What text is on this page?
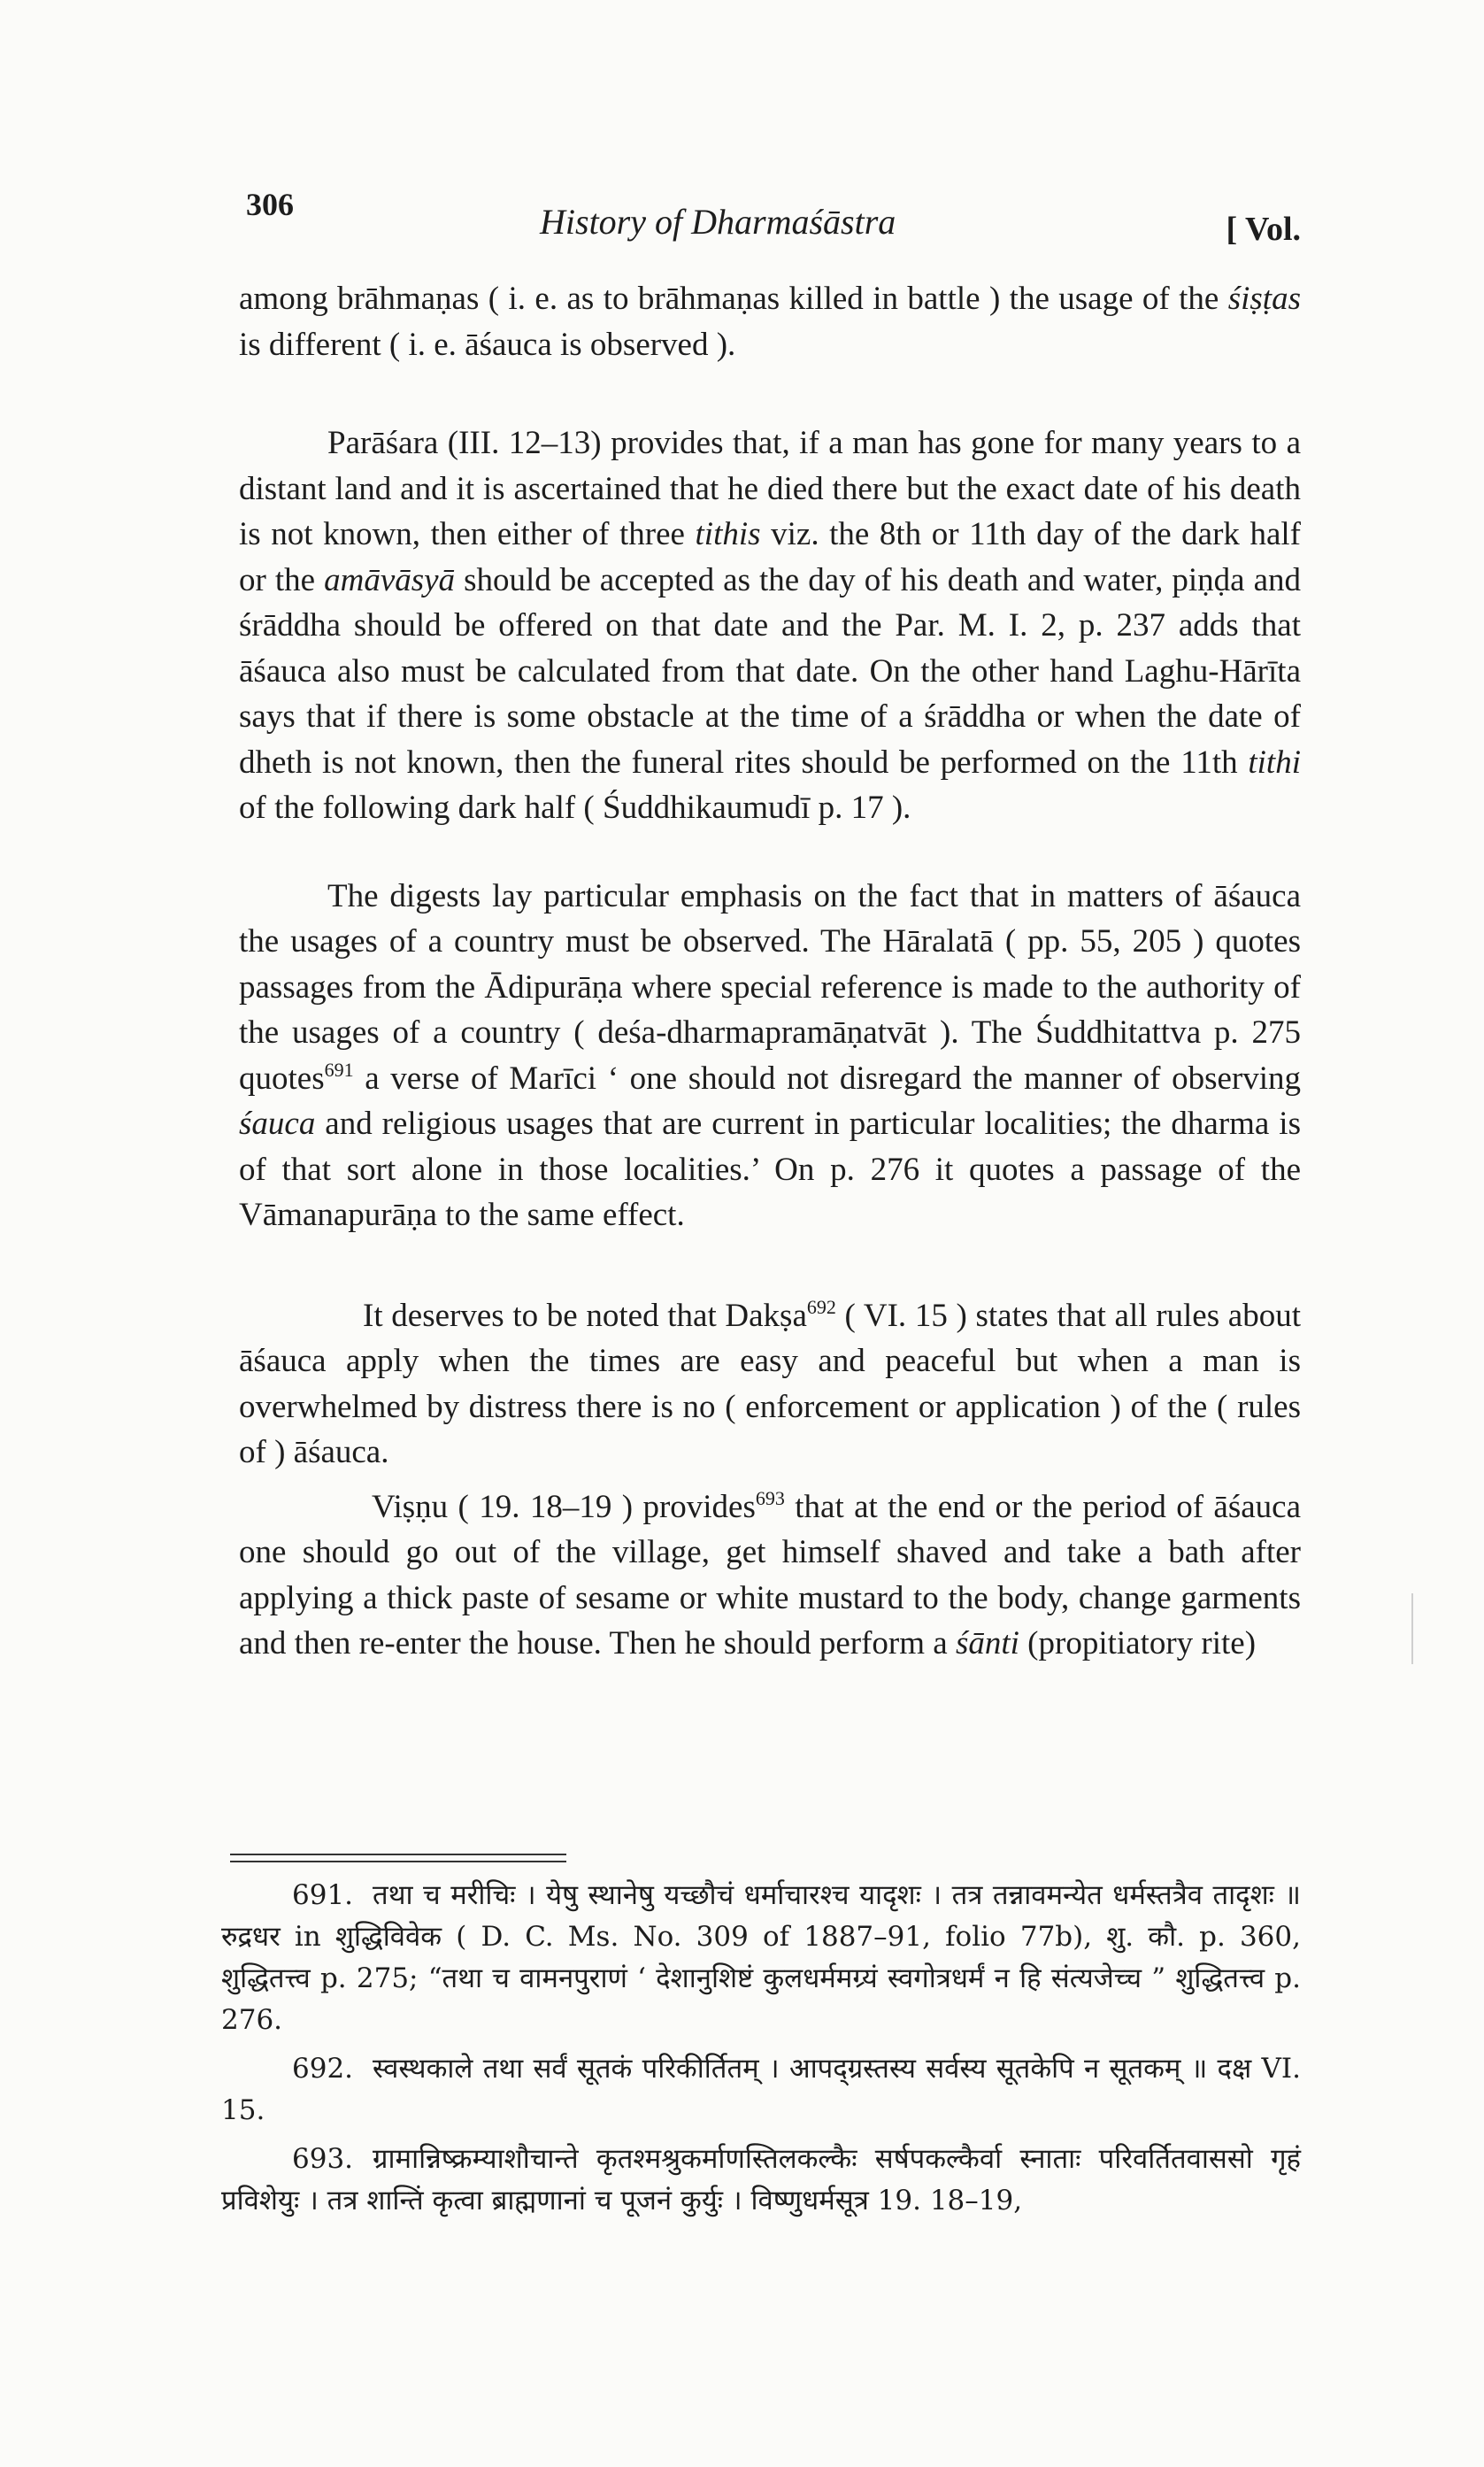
306	History of Dharmaśāstra	[ Vol.

among brāhmaṇas ( i. e. as to brāhmaṇas killed in battle ) the usage of the śiṣṭas is different ( i. e. āśauca is observed ).

Parāśara (III. 12–13) provides that, if a man has gone for many years to a distant land and it is ascertained that he died there but the exact date of his death is not known, then either of three tithis viz. the 8th or 11th day of the dark half or the amāvāsyā should be accepted as the day of his death and water, piṇḍa and śrāddha should be offered on that date and the Par. M. I. 2, p. 237 adds that āśauca also must be calculated from that date. On the other hand Laghu-Hārīta says that if there is some obstacle at the time of a śrāddha or when the date of dheth is not known, then the funeral rites should be performed on the 11th tithi of the following dark half ( Śuddhikaumudī p. 17 ).

The digests lay particular emphasis on the fact that in matters of āśauca the usages of a country must be observed. The Hāralatā ( pp. 55, 205 ) quotes passages from the Ādipurāṇa where special reference is made to the authority of the usages of a country ( deśa-dharmapramāṇatvāt ). The Śuddhitattva p. 275 quotes$^{691}$ a verse of Marīci ‘ one should not disregard the manner of observing śauca and religious usages that are current in particular localities; the dharma is of that sort alone in those localities.’ On p. 276 it quotes a passage of the Vāmanapurāṇa to the same effect.

It deserves to be noted that Dakṣa$^{692}$ ( VI. 15 ) states that all rules about āśauca apply when the times are easy and peaceful but when a man is overwhelmed by distress there is no ( enforcement or application ) of the ( rules of ) āśauca.

Viṣṇu ( 19. 18–19 ) provides$^{693}$ that at the end or the period of āśauca one should go out of the village, get himself shaved and take a bath after applying a thick paste of sesame or white mustard to the body, change garments and then re-enter the house. Then he should perform a śānti (propitiatory rite)

691. तथा च मरीचिः । येषु स्थानेषु यच्छौचं धर्माचारश्च यादृशः । तत्र तन्नावमन्येत धर्मस्तत्रैव तादृशः ॥ रुद्रधर in शुद्धिविवेक ( D. C. Ms. No. 309 of 1887–91, folio 77b), शु. कौ. p. 360, शुद्धितत्त्व p. 275; “तथा च वामनपुराणं ‘ देशानुशिष्टं कुलधर्ममग्र्यं स्वगोत्रधर्मं न हि संत्यजेच्च ” शुद्धितत्त्व p. 276.

692. स्वस्थकाले तथा सर्वं सूतकं परिकीर्तितम् । आपद्ग्रस्तस्य सर्वस्य सूतकेपि न सूतकम् ॥ दक्ष VI. 15.

693. ग्रामान्निष्क्रम्याशौचान्ते कृतश्मश्रुकर्माणस्तिलकल्कैः सर्षपकल्कैर्वा स्नाताः परिवर्तितवाससो गृहं प्रविशेयुः । तत्र शान्तिं कृत्वा ब्राह्मणानां च पूजनं कुर्युः । विष्णुधर्मसूत्र 19. 18–19,
